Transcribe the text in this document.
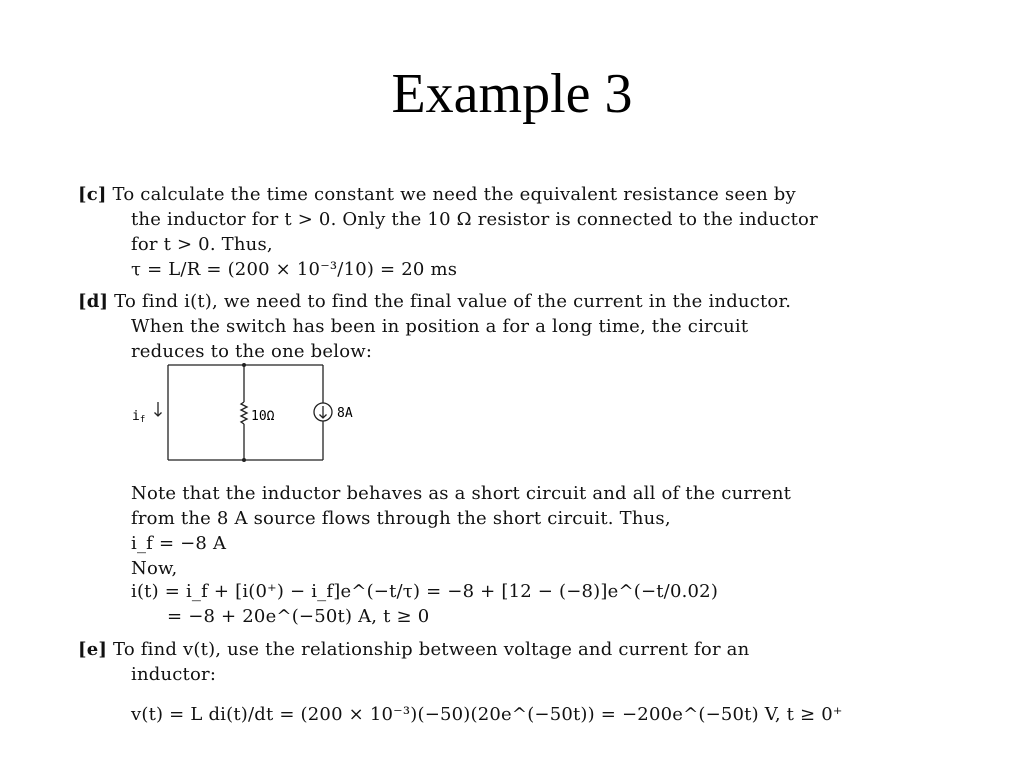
Example 3
[c] To calculate the time constant we need the equivalent resistance seen by
the inductor for t > 0. Only the 10 Ω resistor is connected to the inductor
for t > 0. Thus,
τ = L/R = (200 × 10⁻³/10) = 20 ms
[d] To find i(t), we need to find the final value of the current in the inductor.
When the switch has been in position a for a long time, the circuit
reduces to the one below:
if	10Ω	8A
Note that the inductor behaves as a short circuit and all of the current
from the 8 A source flows through the short circuit. Thus,
i_f = −8 A
Now,
i(t) = i_f + [i(0⁺) − i_f]e^(−t/τ) = −8 + [12 − (−8)]e^(−t/0.02)
= −8 + 20e^(−50t) A, t ≥ 0
[e] To find v(t), use the relationship between voltage and current for an
inductor:
v(t) = L di(t)/dt = (200 × 10⁻³)(−50)(20e^(−50t)) = −200e^(−50t) V, t ≥ 0⁺
